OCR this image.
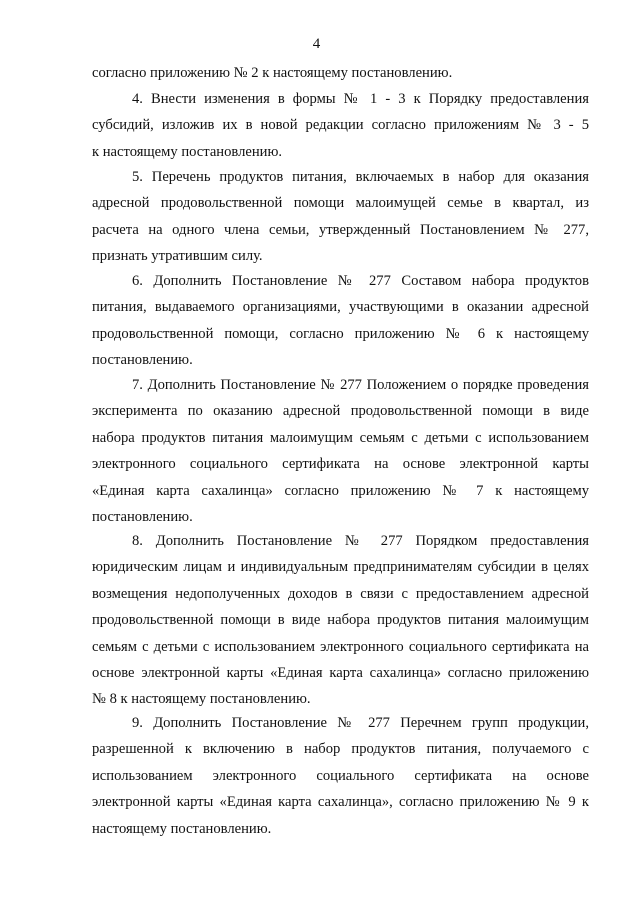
4
согласно приложению № 2 к настоящему постановлению.
4. Внести изменения в формы № 1 - 3 к Порядку предоставления
субсидий, изложив их в новой редакции согласно приложениям № 3 - 5
к настоящему постановлению.
5. Перечень продуктов питания, включаемых в набор для оказания
адресной продовольственной помощи малоимущей семье в квартал, из
расчета на одного члена семьи, утвержденный Постановлением № 277,
признать утратившим силу.
6. Дополнить Постановление № 277 Составом набора продуктов
питания, выдаваемого организациями, участвующими в оказании адресной
продовольственной помощи, согласно приложению № 6 к настоящему
постановлению.
7. Дополнить Постановление № 277 Положением о порядке проведения
эксперимента по оказанию адресной продовольственной помощи в виде
набора продуктов питания малоимущим семьям с детьми с использованием
электронного социального сертификата на основе электронной карты
«Единая карта сахалинца» согласно приложению № 7 к настоящему
постановлению.
8. Дополнить Постановление № 277 Порядком предоставления
юридическим лицам и индивидуальным предпринимателям субсидии в целях
возмещения недополученных доходов в связи с предоставлением адресной
продовольственной помощи в виде набора продуктов питания малоимущим
семьям с детьми с использованием электронного социального сертификата на
основе электронной карты «Единая карта сахалинца» согласно приложению
№ 8 к настоящему постановлению.
9. Дополнить Постановление № 277 Перечнем групп продукции,
разрешенной к включению в набор продуктов питания, получаемого с
использованием электронного социального сертификата на основе
электронной карты «Единая карта сахалинца», согласно приложению № 9 к
настоящему постановлению.
